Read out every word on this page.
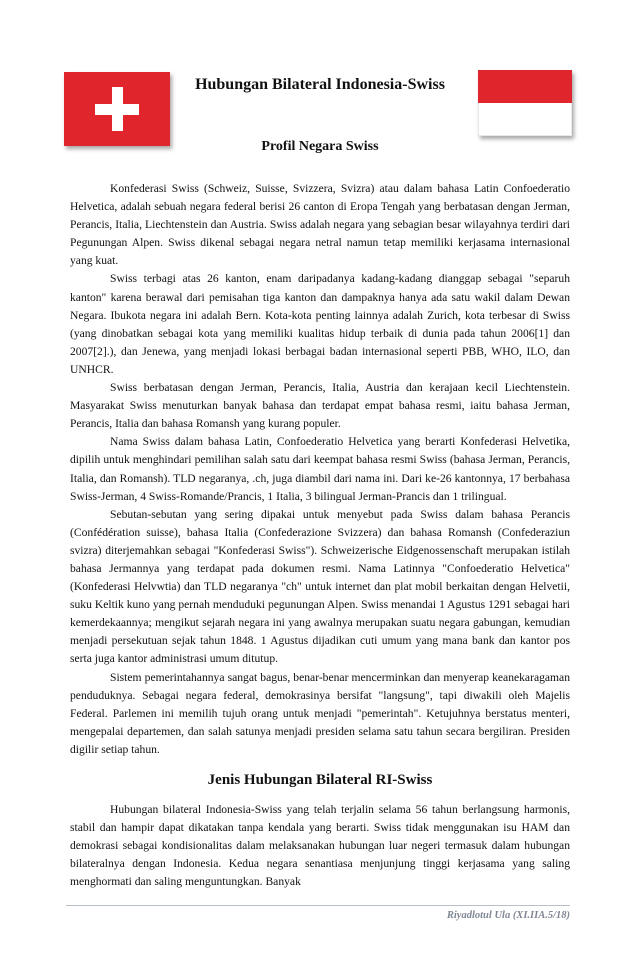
Hubungan Bilateral Indonesia-Swiss
Profil Negara Swiss

Konfederasi Swiss (Schweiz, Suisse, Svizzera, Svizra) atau dalam bahasa Latin Confoederatio Helvetica, adalah sebuah negara federal berisi 26 canton di Eropa Tengah yang berbatasan dengan Jerman, Perancis, Italia, Liechtenstein dan Austria. Swiss adalah negara yang sebagian besar wilayahnya terdiri dari Pegunungan Alpen. Swiss dikenal sebagai negara netral namun tetap memiliki kerjasama internasional yang kuat.

Swiss terbagi atas 26 kanton, enam daripadanya kadang-kadang dianggap sebagai "separuh kanton" karena berawal dari pemisahan tiga kanton dan dampaknya hanya ada satu wakil dalam Dewan Negara. Ibukota negara ini adalah Bern. Kota-kota penting lainnya adalah Zurich, kota terbesar di Swiss (yang dinobatkan sebagai kota yang memiliki kualitas hidup terbaik di dunia pada tahun 2006[1] dan 2007[2].), dan Jenewa, yang menjadi lokasi berbagai badan internasional seperti PBB, WHO, ILO, dan UNHCR.

Swiss berbatasan dengan Jerman, Perancis, Italia, Austria dan kerajaan kecil Liechtenstein. Masyarakat Swiss menuturkan banyak bahasa dan terdapat empat bahasa resmi, iaitu bahasa Jerman, Perancis, Italia dan bahasa Romansh yang kurang populer.

Nama Swiss dalam bahasa Latin, Confoederatio Helvetica yang berarti Konfederasi Helvetika, dipilih untuk menghindari pemilihan salah satu dari keempat bahasa resmi Swiss (bahasa Jerman, Perancis, Italia, dan Romansh). TLD negaranya, .ch, juga diambil dari nama ini. Dari ke-26 kantonnya, 17 berbahasa Swiss-Jerman, 4 Swiss-Romande/Prancis, 1 Italia, 3 bilingual Jerman-Prancis dan 1 trilingual.

Sebutan-sebutan yang sering dipakai untuk menyebut pada Swiss dalam bahasa Perancis (Confédération suisse), bahasa Italia (Confederazione Svizzera) dan bahasa Romansh (Confederaziun svizra) diterjemahkan sebagai "Konfederasi Swiss"). Schweizerische Eidgenossenschaft merupakan istilah bahasa Jermannya yang terdapat pada dokumen resmi. Nama Latinnya "Confoederatio Helvetica" (Konfederasi Helvwtia) dan TLD negaranya "ch" untuk internet dan plat mobil berkaitan dengan Helvetii, suku Keltik kuno yang pernah menduduki pegunungan Alpen. Swiss menandai 1 Agustus 1291 sebagai hari kemerdekaannya; mengikut sejarah negara ini yang awalnya merupakan suatu negara gabungan, kemudian menjadi persekutuan sejak tahun 1848. 1 Agustus dijadikan cuti umum yang mana bank dan kantor pos serta juga kantor administrasi umum ditutup.

Sistem pemerintahannya sangat bagus, benar-benar mencerminkan dan menyerap keanekaragaman penduduknya. Sebagai negara federal, demokrasinya bersifat "langsung", tapi diwakili oleh Majelis Federal. Parlemen ini memilih tujuh orang untuk menjadi "pemerintah". Ketujuhnya berstatus menteri, mengepalai departemen, dan salah satunya menjadi presiden selama satu tahun secara bergiliran. Presiden digilir setiap tahun.

Jenis Hubungan Bilateral RI-Swiss

Hubungan bilateral Indonesia-Swiss yang telah terjalin selama 56 tahun berlangsung harmonis, stabil dan hampir dapat dikatakan tanpa kendala yang berarti. Swiss tidak menggunakan isu HAM dan demokrasi sebagai kondisionalitas dalam melaksanakan hubungan luar negeri termasuk dalam hubungan bilateralnya dengan Indonesia. Kedua negara senantiasa menjunjung tinggi kerjasama yang saling menghormati dan saling menguntungkan. Banyak

Riyadlotul Ula (XI.IIA.5/18)
